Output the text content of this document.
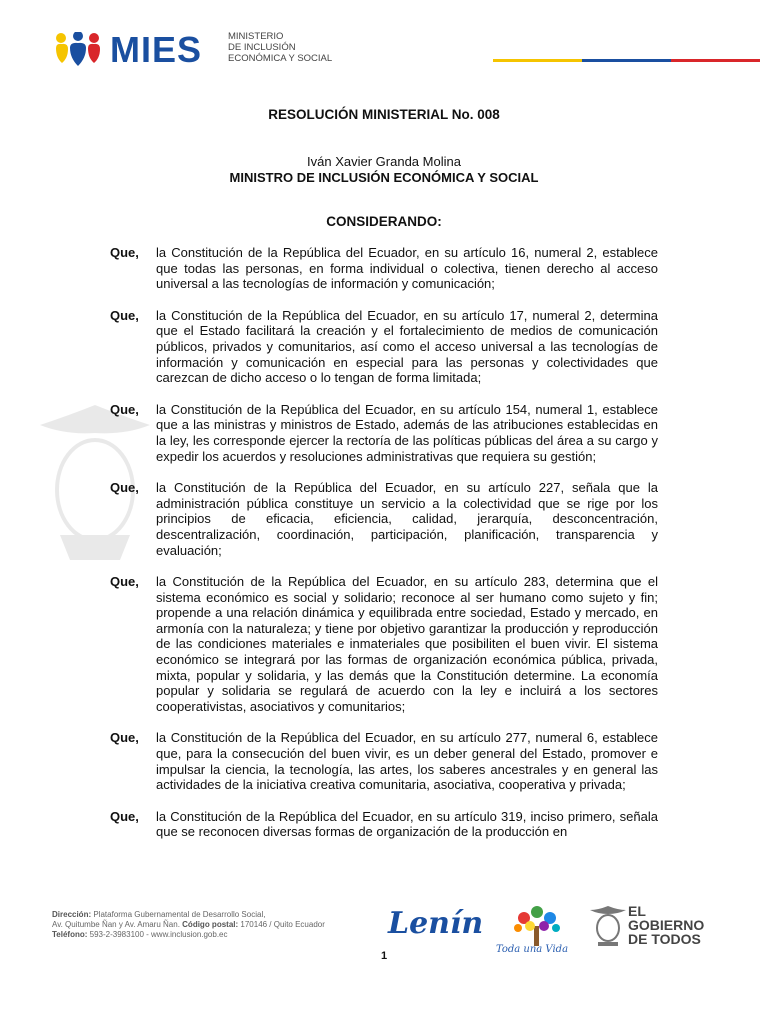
MIES	MINISTERIO
DE INCLUSIÓN
ECONÓMICA Y SOCIAL

RESOLUCIÓN MINISTERIAL No. 008

Iván Xavier Granda Molina

MINISTRO DE INCLUSIÓN ECONÓMICA Y SOCIAL

CONSIDERANDO:

Que,	la Constitución de la República del Ecuador, en su artículo 16, numeral 2, establece que todas las personas, en forma individual o colectiva, tienen derecho al acceso universal a las tecnologías de información y comunicación;
Que,	la Constitución de la República del Ecuador, en su artículo 17, numeral 2, determina que el Estado facilitará la creación y el fortalecimiento de medios de comunicación públicos, privados y comunitarios, así como el acceso universal a las tecnologías de información y comunicación en especial para las personas y colectividades que carezcan de dicho acceso o lo tengan de forma limitada;
Que,	la Constitución de la República del Ecuador, en su artículo 154, numeral 1, establece que a las ministras y ministros de Estado, además de las atribuciones establecidas en la ley, les corresponde ejercer la rectoría de las políticas públicas del área a su cargo y expedir los acuerdos y resoluciones administrativas que requiera su gestión;
Que,	la Constitución de la República del Ecuador, en su artículo 227, señala que la administración pública constituye un servicio a la colectividad que se rige por los principios de eficacia, eficiencia, calidad, jerarquía, desconcentración, descentralización, coordinación, participación, planificación, transparencia y evaluación;
Que,	la Constitución de la República del Ecuador, en su artículo 283, determina que el sistema económico es social y solidario; reconoce al ser humano como sujeto y fin; propende a una relación dinámica y equilibrada entre sociedad, Estado y mercado, en armonía con la naturaleza; y tiene por objetivo garantizar la producción y reproducción de las condiciones materiales e inmateriales que posibiliten el buen vivir. El sistema económico se integrará por las formas de organización económica pública, privada, mixta, popular y solidaria, y las demás que la Constitución determine. La economía popular y solidaria se regulará de acuerdo con la ley e incluirá a los sectores cooperativistas, asociativos y comunitarios;
Que,	la Constitución de la República del Ecuador, en su artículo 277, numeral 6, establece que, para la consecución del buen vivir, es un deber general del Estado, promover e impulsar la ciencia, la tecnología, las artes, los saberes ancestrales y en general las actividades de la iniciativa creativa comunitaria, asociativa, cooperativa y privada;
Que,	la Constitución de la República del Ecuador, en su artículo 319, inciso primero, señala que se reconocen diversas formas de organización de la producción en
Dirección: Plataforma Gubernamental de Desarrollo Social,
Av. Quitumbe Ñan y Av. Amaru Ñan. Código postal: 170146 / Quito Ecuador
Teléfono: 593-2-3983100 - www.inclusion.gob.ec	Lenín
Toda una Vida
EL
GOBIERNO
DE TODOS
1
